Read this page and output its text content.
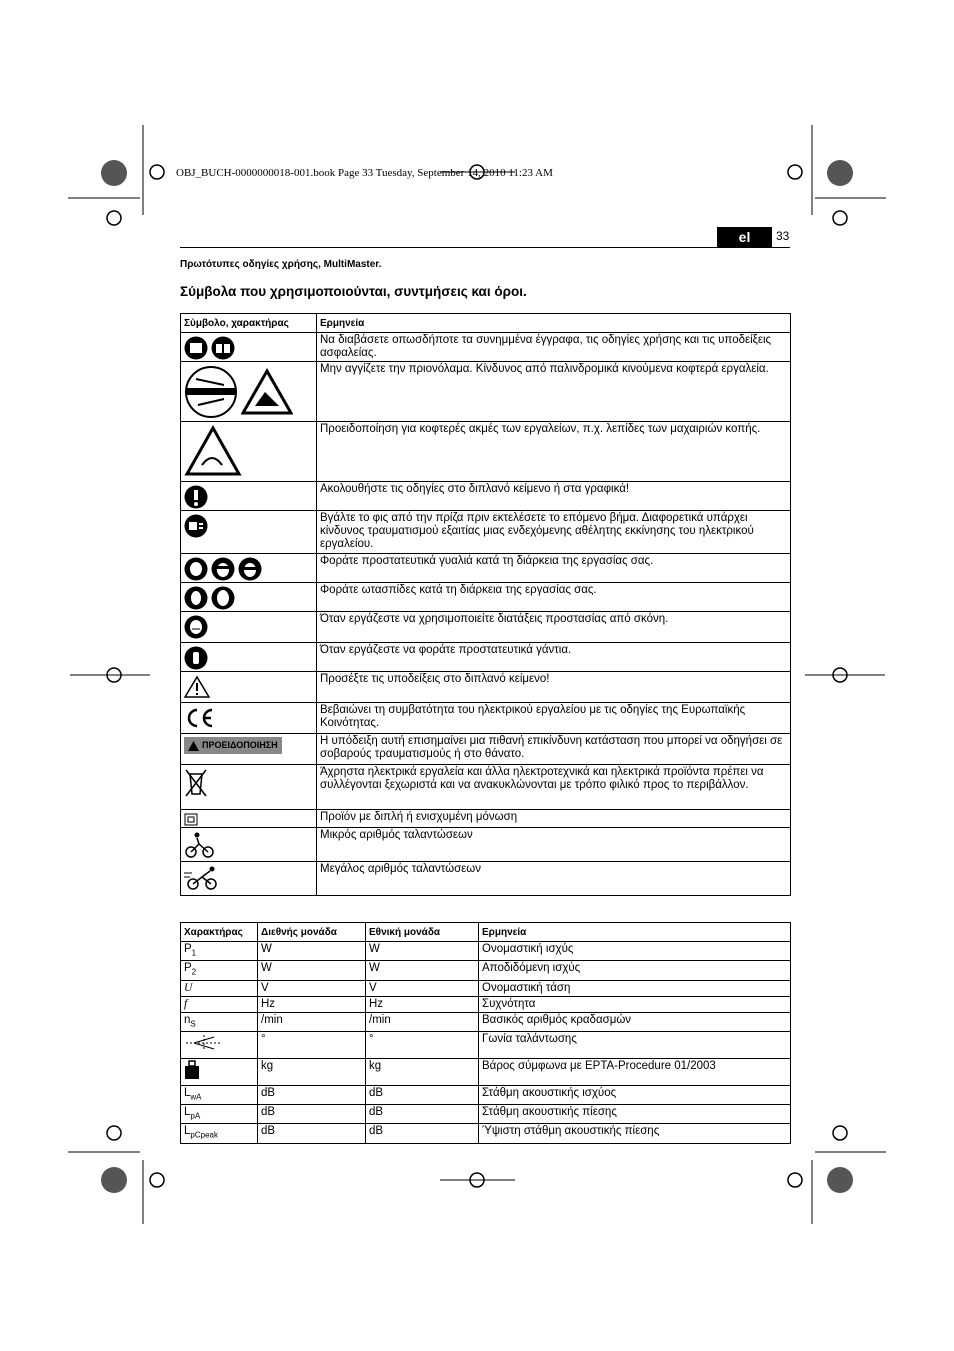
OBJ_BUCH-0000000018-001.book Page 33 Tuesday, September 14, 2010 11:23 AM
el	33
Πρωτότυπες οδηγίες χρήσης, MultiMaster.
Σύμβολα που χρησιμοποιούνται, συντμήσεις και όροι.
Σύμβολο, χαρακτήρας	Ερμηνεία

	Να διαβάσετε οπωσδήποτε τα συνημμένα έγγραφα, τις οδηγίες χρήσης και τις υποδείξεις ασφαλείας.

	Μην αγγίζετε την πριονόλαμα. Κίνδυνος από παλινδρομικά κινούμενα κοφτερά εργαλεία.

	Προειδοποίηση για κοφτερές ακμές των εργαλείων, π.χ. λεπίδες των μαχαιριών κοπής.

	Ακολουθήστε τις οδηγίες στο διπλανό κείμενο ή στα γραφικά!

	Βγάλτε το φις από την πρίζα πριν εκτελέσετε το επόμενο βήμα. Διαφορετικά υπάρχει κίνδυνος τραυματισμού εξαιτίας μιας ενδεχόμενης αθέλητης εκκίνησης του ηλεκτρικού εργαλείου.

	Φοράτε προστατευτικά γυαλιά κατά τη διάρκεια της εργασίας σας.

	Φοράτε ωτασπίδες κατά τη διάρκεια της εργασίας σας.

	Όταν εργάζεστε να χρησιμοποιείτε διατάξεις προστασίας από σκόνη.

	Όταν εργάζεστε να φοράτε προστατευτικά γάντια.

	Προσέξτε τις υποδείξεις στο διπλανό κείμενο!

	Βεβαιώνει τη συμβατότητα του ηλεκτρικού εργαλείου με τις οδηγίες της Ευρωπαϊκής Κοινότητας.

ΠΡΟΕΙΔΟΠΟΙΗΣΗ	Η υπόδειξη αυτή επισημαίνει μια πιθανή επικίνδυνη κατάσταση που μπορεί να οδηγήσει σε σοβαρούς τραυματισμούς ή στο θάνατο.

	Άχρηστα ηλεκτρικά εργαλεία και άλλα ηλεκτροτεχνικά και ηλεκτρικά προϊόντα πρέπει να συλλέγονται ξεχωριστά και να ανακυκλώνονται με τρόπο φιλικό προς το περιβάλλον.

	Προϊόν με διπλή ή ενισχυμένη μόνωση

	Μικρός αριθμός ταλαντώσεων

	Μεγάλος αριθμός ταλαντώσεων
Χαρακτήρας	Διεθνής μονάδα	Εθνική μονάδα	Ερμηνεία
$P_1$	W	W	Ονομαστική ισχύς
$P_2$	W	W	Αποδιδόμενη ισχύς
U	V	V	Ονομαστική τάση
f	Hz	Hz	Συχνότητα
$n_S$	/min	/min	Βασικός αριθμός κραδασμών
	°	°	Γωνία ταλάντωσης
	kg	kg	Βάρος σύμφωνα με EPTA-Procedure 01/2003
$L_{wA}$	dB	dB	Στάθμη ακουστικής ισχύος
$L_{pA}$	dB	dB	Στάθμη ακουστικής πίεσης
$L_{pCpeak}$	dB	dB	Ύψιστη στάθμη ακουστικής πίεσης
